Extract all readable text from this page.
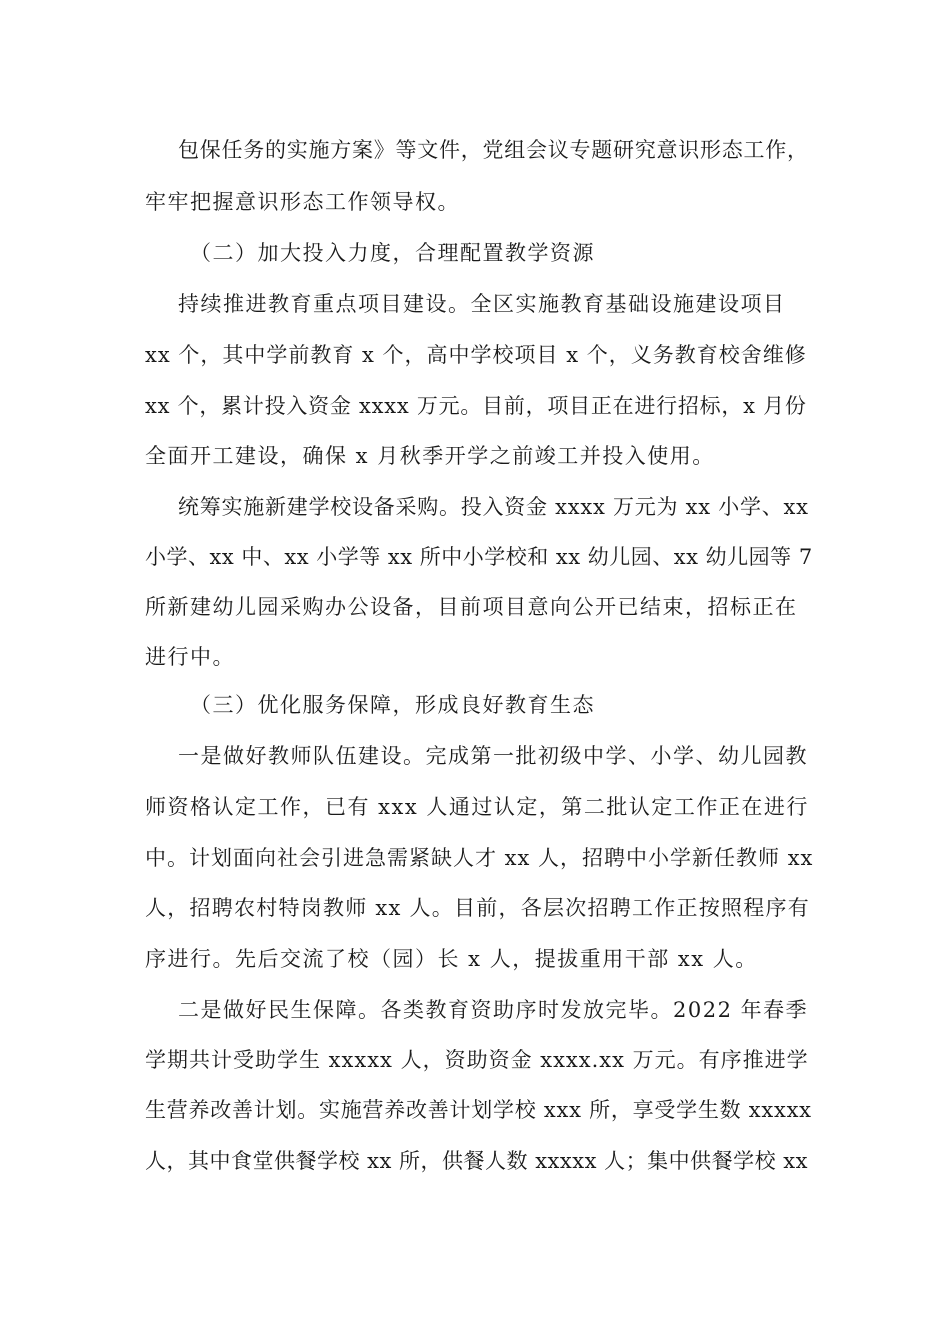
包保任务的实施方案》等文件，党组会议专题研究意识形态工作，
牢牢把握意识形态工作领导权。
（二）加大投入力度，合理配置教学资源
持续推进教育重点项目建设。全区实施教育基础设施建设项目
xx 个，其中学前教育 x 个，高中学校项目 x 个，义务教育校舍维修
xx 个，累计投入资金 xxxx 万元。目前，项目正在进行招标，x 月份
全面开工建设，确保 x 月秋季开学之前竣工并投入使用。
统筹实施新建学校设备采购。投入资金 xxxx 万元为 xx 小学、xx
小学、xx 中、xx 小学等 xx 所中小学校和 xx 幼儿园、xx 幼儿园等 7
所新建幼儿园采购办公设备，目前项目意向公开已结束，招标正在
进行中。
（三）优化服务保障，形成良好教育生态
一是做好教师队伍建设。完成第一批初级中学、小学、幼儿园教
师资格认定工作，已有 xxx 人通过认定，第二批认定工作正在进行
中。计划面向社会引进急需紧缺人才 xx 人，招聘中小学新任教师 xx
人，招聘农村特岗教师 xx 人。目前，各层次招聘工作正按照程序有
序进行。先后交流了校（园）长 x 人，提拔重用干部 xx 人。
二是做好民生保障。各类教育资助序时发放完毕。2022 年春季
学期共计受助学生 xxxxx 人，资助资金 xxxx.xx 万元。有序推进学
生营养改善计划。实施营养改善计划学校 xxx 所，享受学生数 xxxxx
人，其中食堂供餐学校 xx 所，供餐人数 xxxxx 人；集中供餐学校 xx
